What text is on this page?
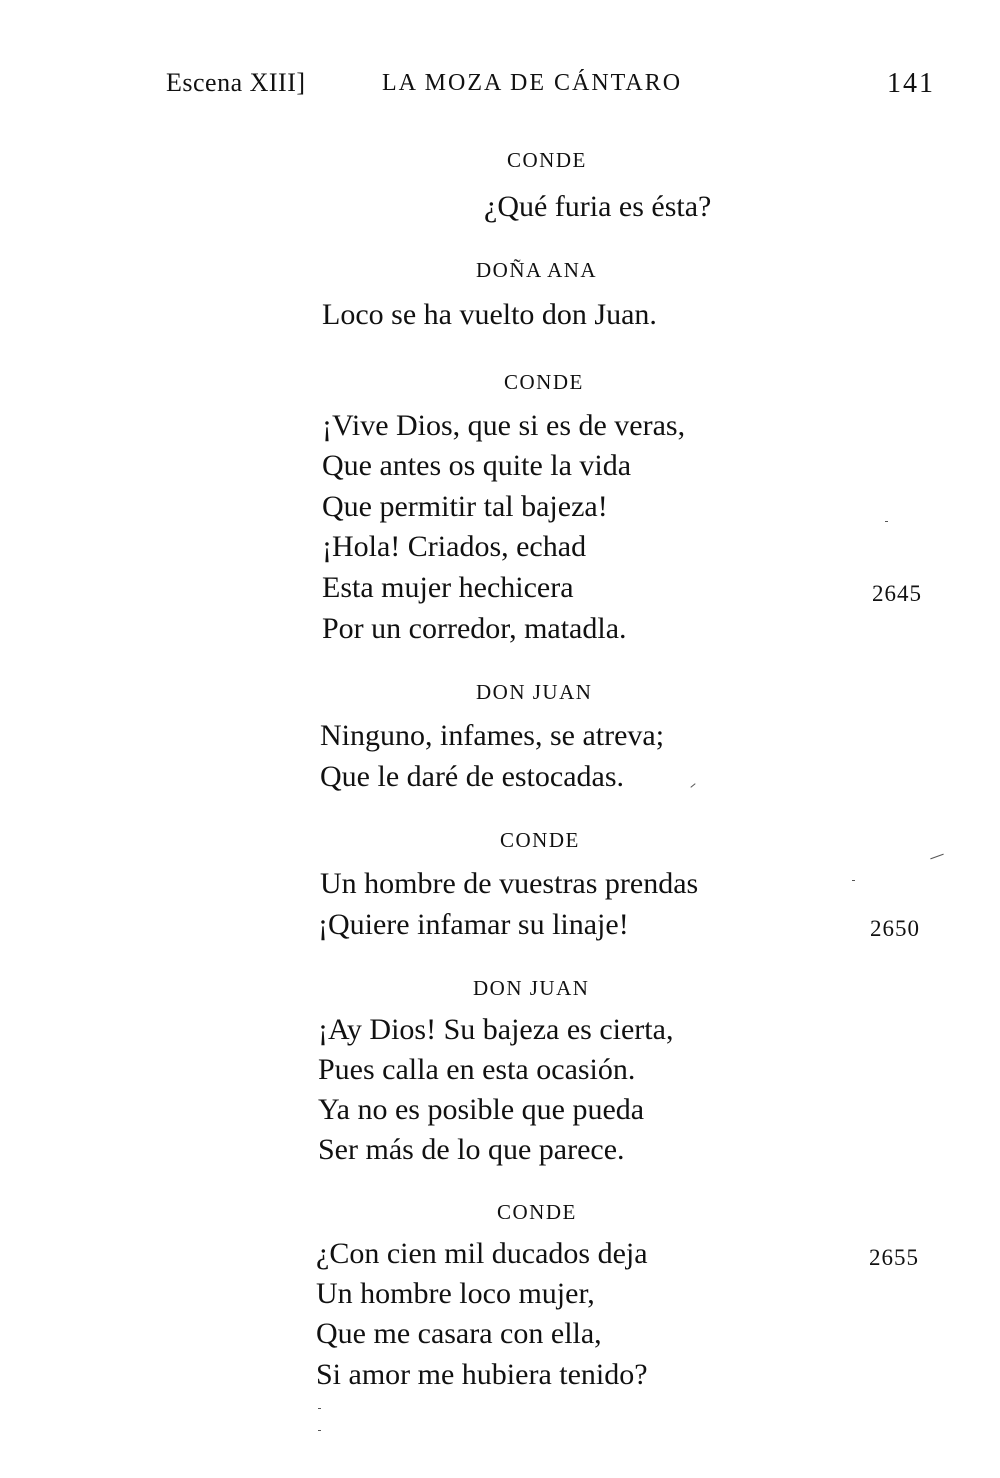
Escena XIII]	LA MOZA DE CÁNTARO	141
CONDE
¿Qué furia es ésta?
DOÑA ANA
Loco se ha vuelto don Juan.
CONDE
¡Vive Dios, que si es de veras,
Que antes os quite la vida
Que permitir tal bajeza!
¡Hola! Criados, echad
Esta mujer hechicera	2645
Por un corredor, matadla.
DON JUAN
Ninguno, infames, se atreva;
Que le daré de estocadas.
CONDE
Un hombre de vuestras prendas
¡Quiere infamar su linaje!	2650
DON JUAN
¡Ay Dios! Su bajeza es cierta,
Pues calla en esta ocasión.
Ya no es posible que pueda
Ser más de lo que parece.
CONDE
¿Con cien mil ducados deja	2655
Un hombre loco mujer,
Que me casara con ella,
Si amor me hubiera tenido?
